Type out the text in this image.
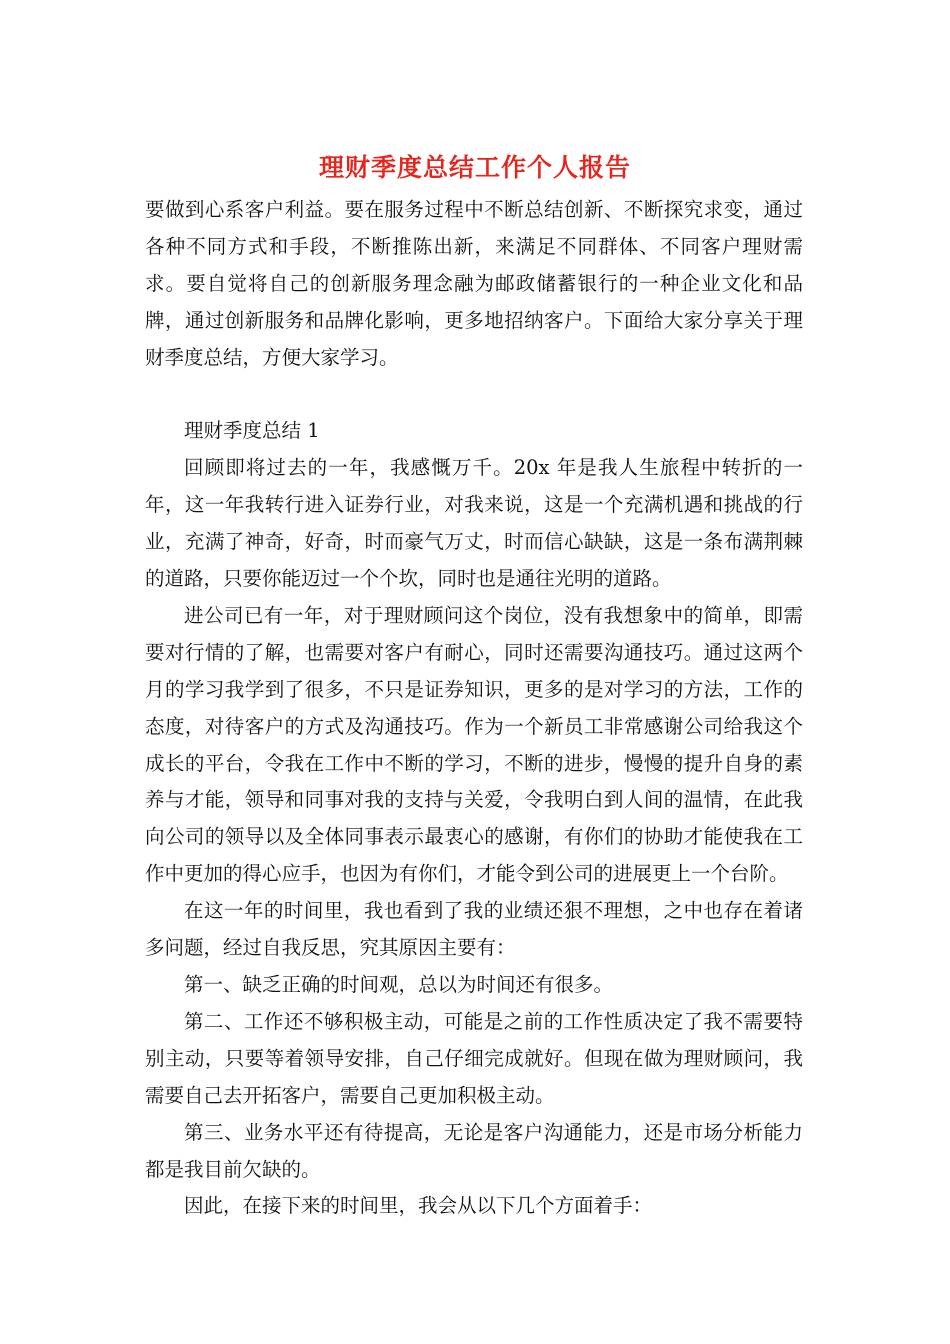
理财季度总结工作个人报告

要做到心系客户利益。要在服务过程中不断总结创新、不断探究求变，通过各种不同方式和手段，不断推陈出新，来满足不同群体、不同客户理财需求。要自觉将自己的创新服务理念融为邮政储蓄银行的一种企业文化和品牌，通过创新服务和品牌化影响，更多地招纳客户。下面给大家分享关于理财季度总结，方便大家学习。

理财季度总结 1

回顾即将过去的一年，我感慨万千。20x 年是我人生旅程中转折的一年，这一年我转行进入证券行业，对我来说，这是一个充满机遇和挑战的行业，充满了神奇，好奇，时而豪气万丈，时而信心缺缺，这是一条布满荆棘的道路，只要你能迈过一个个坎，同时也是通往光明的道路。

进公司已有一年，对于理财顾问这个岗位，没有我想象中的简单，即需要对行情的了解，也需要对客户有耐心，同时还需要沟通技巧。通过这两个月的学习我学到了很多，不只是证券知识，更多的是对学习的方法，工作的态度，对待客户的方式及沟通技巧。作为一个新员工非常感谢公司给我这个成长的平台，令我在工作中不断的学习，不断的进步，慢慢的提升自身的素养与才能，领导和同事对我的支持与关爱，令我明白到人间的温情，在此我向公司的领导以及全体同事表示最衷心的感谢，有你们的协助才能使我在工作中更加的得心应手，也因为有你们，才能令到公司的进展更上一个台阶。

在这一年的时间里，我也看到了我的业绩还狠不理想，之中也存在着诸多问题，经过自我反思，究其原因主要有：

第一、缺乏正确的时间观，总以为时间还有很多。

第二、工作还不够积极主动，可能是之前的工作性质决定了我不需要特别主动，只要等着领导安排，自己仔细完成就好。但现在做为理财顾问，我需要自己去开拓客户，需要自己更加积极主动。

第三、业务水平还有待提高，无论是客户沟通能力，还是市场分析能力都是我目前欠缺的。

因此，在接下来的时间里，我会从以下几个方面着手：
